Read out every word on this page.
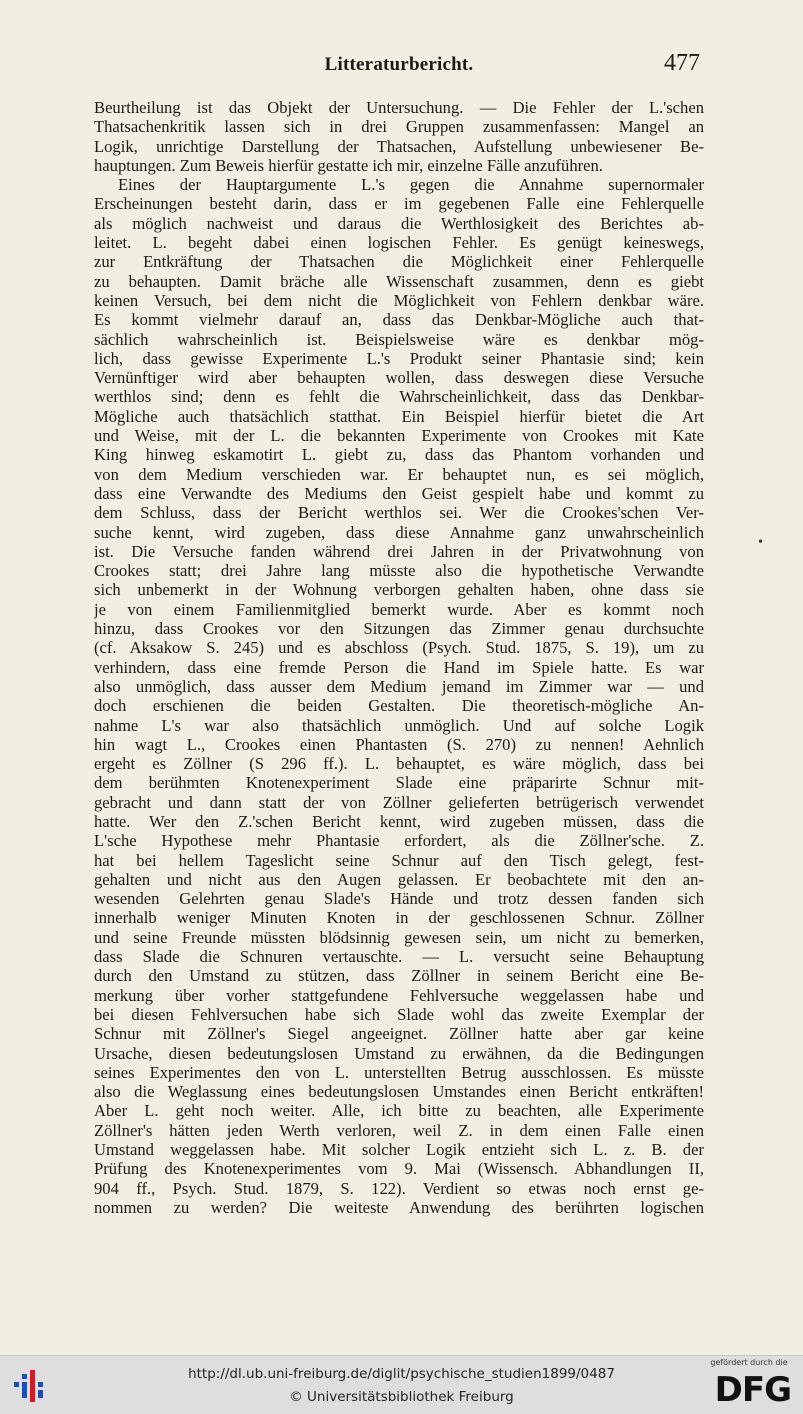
Litteraturbericht.	477
Beurtheilung ist das Objekt der Untersuchung. — Die Fehler der L.'schen
Thatsachenkritik lassen sich in drei Gruppen zusammenfassen: Mangel an
Logik, unrichtige Darstellung der Thatsachen, Aufstellung unbewiesener Be-
hauptungen. Zum Beweis hierfür gestatte ich mir, einzelne Fälle anzuführen.
Eines der Hauptargumente L.'s gegen die Annahme supernormaler
Erscheinungen besteht darin, dass er im gegebenen Falle eine Fehlerquelle
als möglich nachweist und daraus die Werthlosigkeit des Berichtes ab-
leitet. L. begeht dabei einen logischen Fehler. Es genügt keineswegs,
zur Entkräftung der Thatsachen die Möglichkeit einer Fehlerquelle
zu behaupten. Damit bräche alle Wissenschaft zusammen, denn es giebt
keinen Versuch, bei dem nicht die Möglichkeit von Fehlern denkbar wäre.
Es kommt vielmehr darauf an, dass das Denkbar-Mögliche auch that-
sächlich wahrscheinlich ist. Beispielsweise wäre es denkbar mög-
lich, dass gewisse Experimente L.'s Produkt seiner Phantasie sind; kein
Vernünftiger wird aber behaupten wollen, dass deswegen diese Versuche
werthlos sind; denn es fehlt die Wahrscheinlichkeit, dass das Denkbar-
Mögliche auch thatsächlich statthat. Ein Beispiel hierfür bietet die Art
und Weise, mit der L. die bekannten Experimente von Crookes mit Kate
King hinweg eskamotirt L. giebt zu, dass das Phantom vorhanden und
von dem Medium verschieden war. Er behauptet nun, es sei möglich,
dass eine Verwandte des Mediums den Geist gespielt habe und kommt zu
dem Schluss, dass der Bericht werthlos sei. Wer die Crookes'schen Ver-
suche kennt, wird zugeben, dass diese Annahme ganz unwahrscheinlich
ist. Die Versuche fanden während drei Jahren in der Privatwohnung von
Crookes statt; drei Jahre lang müsste also die hypothetische Verwandte
sich unbemerkt in der Wohnung verborgen gehalten haben, ohne dass sie
je von einem Familienmitglied bemerkt wurde. Aber es kommt noch
hinzu, dass Crookes vor den Sitzungen das Zimmer genau durchsuchte
(cf. Aksakow S. 245) und es abschloss (Psych. Stud. 1875, S. 19), um zu
verhindern, dass eine fremde Person die Hand im Spiele hatte. Es war
also unmöglich, dass ausser dem Medium jemand im Zimmer war — und
doch erschienen die beiden Gestalten. Die theoretisch-mögliche An-
nahme L's war also thatsächlich unmöglich. Und auf solche Logik
hin wagt L., Crookes einen Phantasten (S. 270) zu nennen! Aehnlich
ergeht es Zöllner (S 296 ff.). L. behauptet, es wäre möglich, dass bei
dem berühmten Knotenexperiment Slade eine präparirte Schnur mit-
gebracht und dann statt der von Zöllner gelieferten betrügerisch verwendet
hatte. Wer den Z.'schen Bericht kennt, wird zugeben müssen, dass die
L'sche Hypothese mehr Phantasie erfordert, als die Zöllner'sche. Z.
hat bei hellem Tageslicht seine Schnur auf den Tisch gelegt, fest-
gehalten und nicht aus den Augen gelassen. Er beobachtete mit den an-
wesenden Gelehrten genau Slade's Hände und trotz dessen fanden sich
innerhalb weniger Minuten Knoten in der geschlossenen Schnur. Zöllner
und seine Freunde müssten blödsinnig gewesen sein, um nicht zu bemerken,
dass Slade die Schnuren vertauschte. — L. versucht seine Behauptung
durch den Umstand zu stützen, dass Zöllner in seinem Bericht eine Be-
merkung über vorher stattgefundene Fehlversuche weggelassen habe und
bei diesen Fehlversuchen habe sich Slade wohl das zweite Exemplar der
Schnur mit Zöllner's Siegel angeeignet. Zöllner hatte aber gar keine
Ursache, diesen bedeutungslosen Umstand zu erwähnen, da die Bedingungen
seines Experimentes den von L. unterstellten Betrug ausschlossen. Es müsste
also die Weglassung eines bedeutungslosen Umstandes einen Bericht entkräften!
Aber L. geht noch weiter. Alle, ich bitte zu beachten, alle Experimente
Zöllner's hätten jeden Werth verloren, weil Z. in dem einen Falle einen
Umstand weggelassen habe. Mit solcher Logik entzieht sich L. z. B. der
Prüfung des Knotenexperimentes vom 9. Mai (Wissensch. Abhandlungen II,
904 ff., Psych. Stud. 1879, S. 122). Verdient so etwas noch ernst ge-
nommen zu werden? Die weiteste Anwendung des berührten logischen
•
http://dl.ub.uni-freiburg.de/diglit/psychische_studien1899/0487
© Universitätsbibliothek Freiburg
gefördert durch die
DFG
